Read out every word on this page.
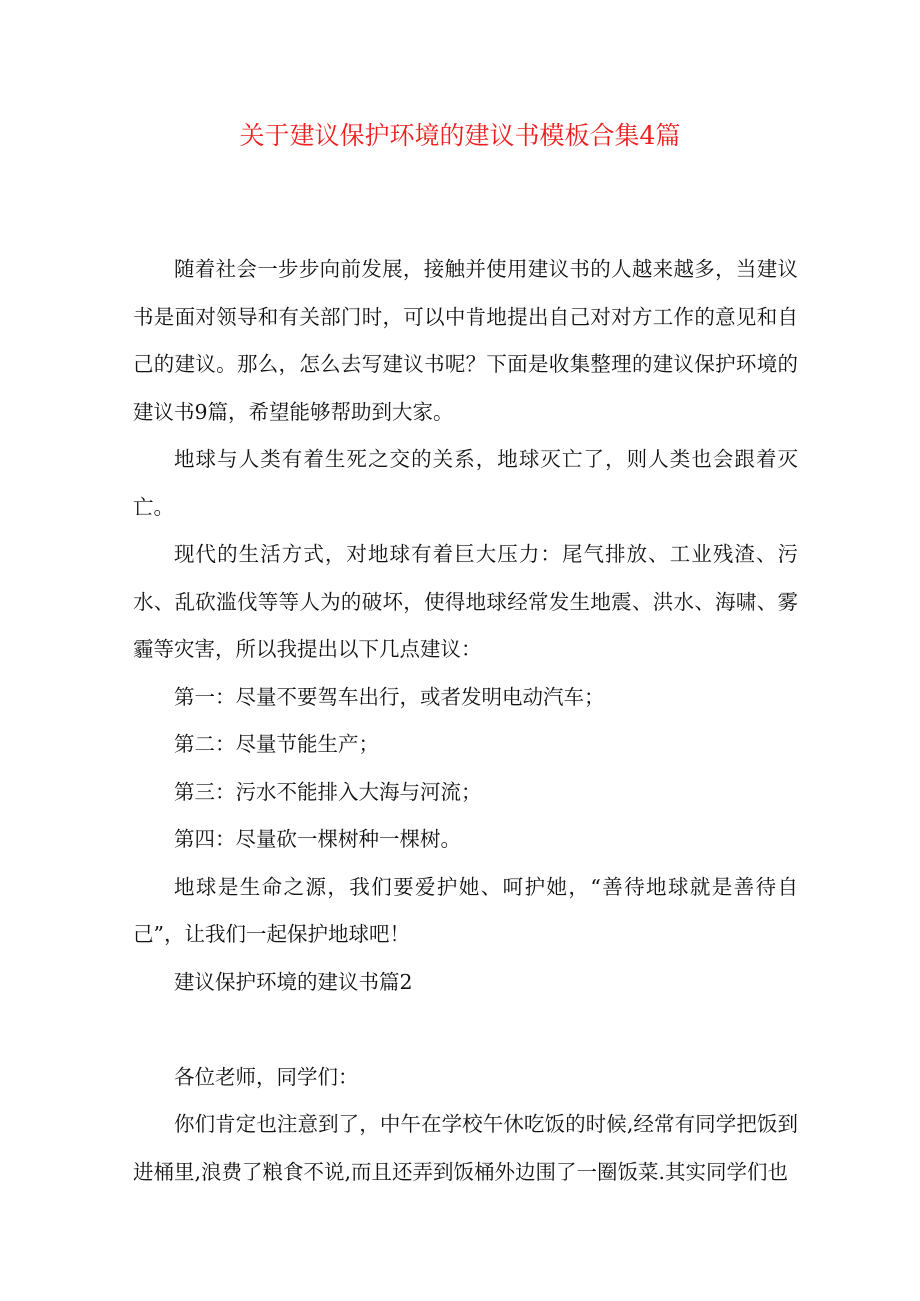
关于建议保护环境的建议书模板合集4篇

随着社会一步步向前发展，接触并使用建议书的人越来越多，当建议书是面对领导和有关部门时，可以中肯地提出自己对对方工作的意见和自己的建议。那么，怎么去写建议书呢？下面是收集整理的建议保护环境的建议书9篇，希望能够帮助到大家。

地球与人类有着生死之交的关系，地球灭亡了，则人类也会跟着灭亡。

现代的生活方式，对地球有着巨大压力：尾气排放、工业残渣、污水、乱砍滥伐等等人为的破坏，使得地球经常发生地震、洪水、海啸、雾霾等灾害，所以我提出以下几点建议：

第一：尽量不要驾车出行，或者发明电动汽车；

第二：尽量节能生产；

第三：污水不能排入大海与河流；

第四：尽量砍一棵树种一棵树。

地球是生命之源，我们要爱护她、呵护她，“善待地球就是善待自己”，让我们一起保护地球吧！

建议保护环境的建议书篇2

各位老师，同学们：

你们肯定也注意到了，中午在学校午休吃饭的时候,经常有同学把饭到进桶里,浪费了粮食不说,而且还弄到饭桶外边围了一圈饭菜.其实同学们也
